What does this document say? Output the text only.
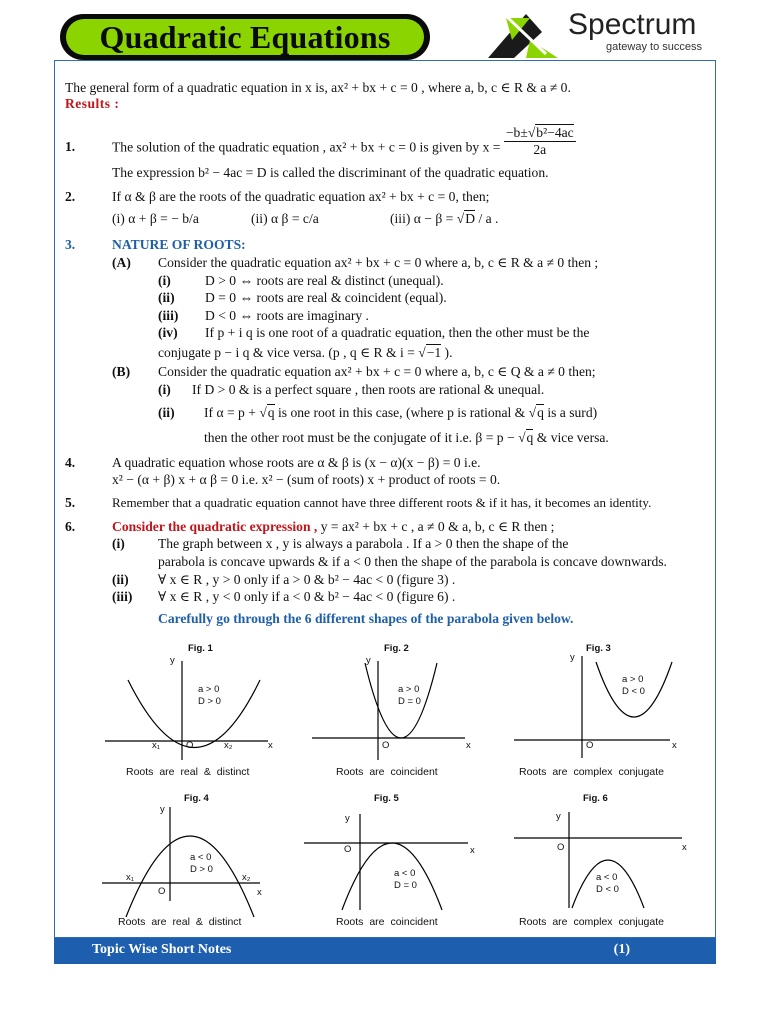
Quadratic Equations	Spectrum
gateway to success
The general form of a quadratic equation in x is, ax² + bx + c = 0 , where a, b, c ∈ R & a ≠ 0.
Results :
1.	The solution of the quadratic equation , ax² + bx + c = 0 is given by $x = \frac{\text{−b±√b²−4ac}}{2a}$
The expression b² − 4ac = D is called the discriminant of the quadratic equation.
2.	If α & β are the roots of the quadratic equation ax² + bx + c = 0, then;
(i) α + β = − b/a	(ii) α β = c/a	(iii) α − β = √D / a .
3.	NATURE OF ROOTS:
(A) Consider the quadratic equation ax² + bx + c = 0 where a, b, c ∈ R & a ≠ 0 then ;
(i)	D > 0 ⇔ roots are real & distinct (unequal).
(ii) D = 0 ⇔ roots are real & coincident (equal).
(iii) D < 0 ⇔ roots are imaginary .
(iv) If p + i q is one root of a quadratic equation, then the other must be the
conjugate p − i q & vice versa. (p , q ∈ R & i = √−1 ).
(B) Consider the quadratic equation ax² + bx + c = 0 where a, b, c ∈ Q & a ≠ 0 then;
(i) If D > 0 & is a perfect square , then roots are rational & unequal.
(ii) If α = p + √q is one root in this case, (where p is rational & √q is a surd)
then the other root must be the conjugate of it i.e. β = p − √q & vice versa.
4.	A quadratic equation whose roots are α & β is (x − α)(x − β) = 0 i.e.
x² − (α + β) x + α β = 0 i.e. x² − (sum of roots) x + product of roots = 0.
5.	Remember that a quadratic equation cannot have three different roots & if it has, it becomes an identity.
6.	Consider the quadratic expression , y = ax² + bx + c , a ≠ 0 & a, b, c ∈ R then ;
(i) The graph between x , y is always a parabola . If a > 0 then the shape of the
parabola is concave upwards & if a < 0 then the shape of the parabola is concave downwards.
(ii) ∀ x ∈ R , y > 0 only if a > 0 & b² − 4ac < 0 (figure 3) .
(iii) ∀ x ∈ R , y < 0 only if a < 0 & b² − 4ac < 0 (figure 6) .
Carefully go through the 6 different shapes of the parabola given below.
Fig. 1
y
a > 0
D > 0
x₁	O	x₂	x
Roots are real & distinct
Fig. 2
y
a > 0
D = 0
O	x
Roots are coincident
Fig. 3
y
a > 0
D < 0
O	x
Roots are complex conjugate
Fig. 4
y
a < 0
D > 0
x₁	x₂
O	x
Roots are real & distinct
Fig. 5
y
O	x
a < 0
D = 0
Roots are coincident
Fig. 6
y
O	x
a < 0
D < 0
Roots are complex conjugate
Topic Wise Short Notes	(1)
